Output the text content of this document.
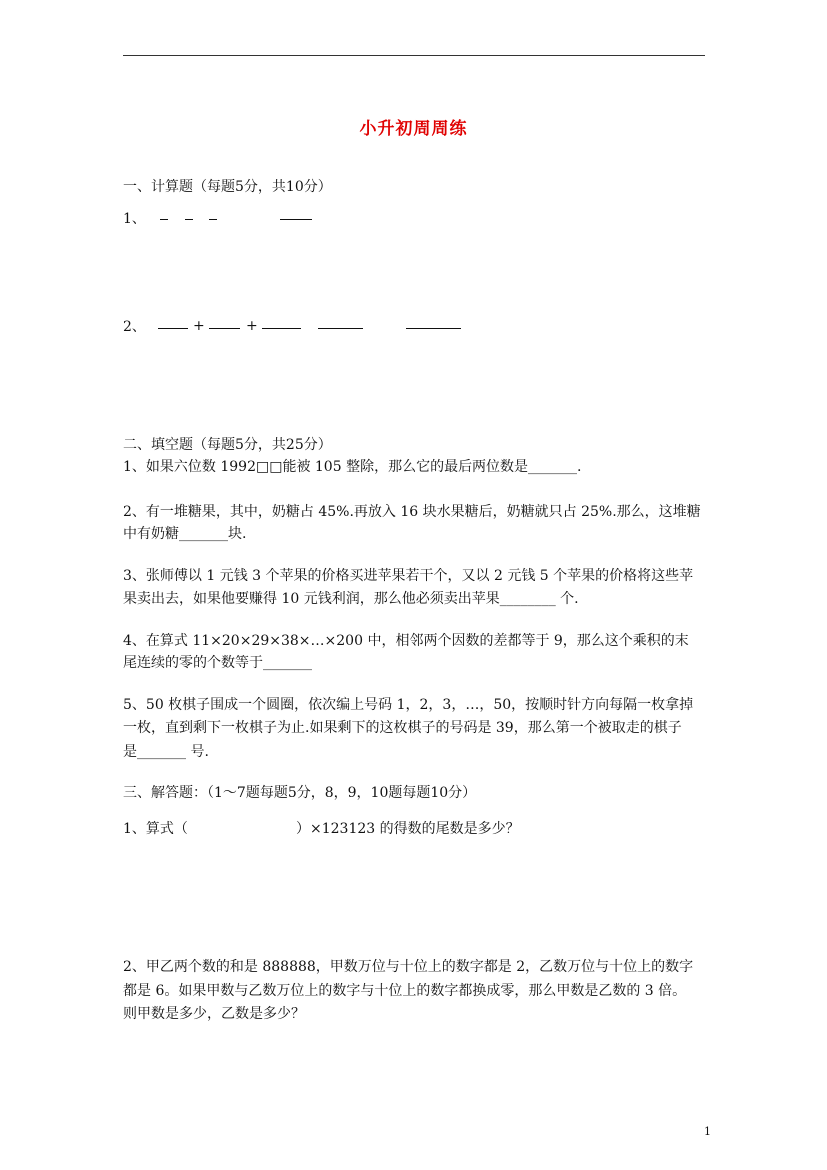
小升初周周练
一、计算题（每题5分，共10分）
1、
2、	+	+
二、填空题（每题5分，共25分）
1、如果六位数 1992□□能被 105 整除，那么它的最后两位数是_______.
2、有一堆糖果，其中，奶糖占 45%.再放入 16 块水果糖后，奶糖就只占 25%.那么，这堆糖
中有奶糖_______块.
3、张师傅以 1 元钱 3 个苹果的价格买进苹果若干个，又以 2 元钱 5 个苹果的价格将这些苹
果卖出去，如果他要赚得 10 元钱利润，那么他必须卖出苹果________ 个.
4、在算式 11×20×29×38×…×200 中，相邻两个因数的差都等于 9，那么这个乘积的末
尾连续的零的个数等于_______
5、50 枚棋子围成一个圆圈，依次编上号码 1，2，3，…，50，按顺时针方向每隔一枚拿掉
一枚，直到剩下一枚棋子为止.如果剩下的这枚棋子的号码是 39，那么第一个被取走的棋子
是_______ 号.
三、解答题：（1～7题每题5分，8，9，10题每题10分）
1、算式（	）×123123 的得数的尾数是多少？
2、甲乙两个数的和是 888888，甲数万位与十位上的数字都是 2，乙数万位与十位上的数字
都是 6。如果甲数与乙数万位上的数字与十位上的数字都换成零，那么甲数是乙数的 3 倍。
则甲数是多少，乙数是多少？
1
